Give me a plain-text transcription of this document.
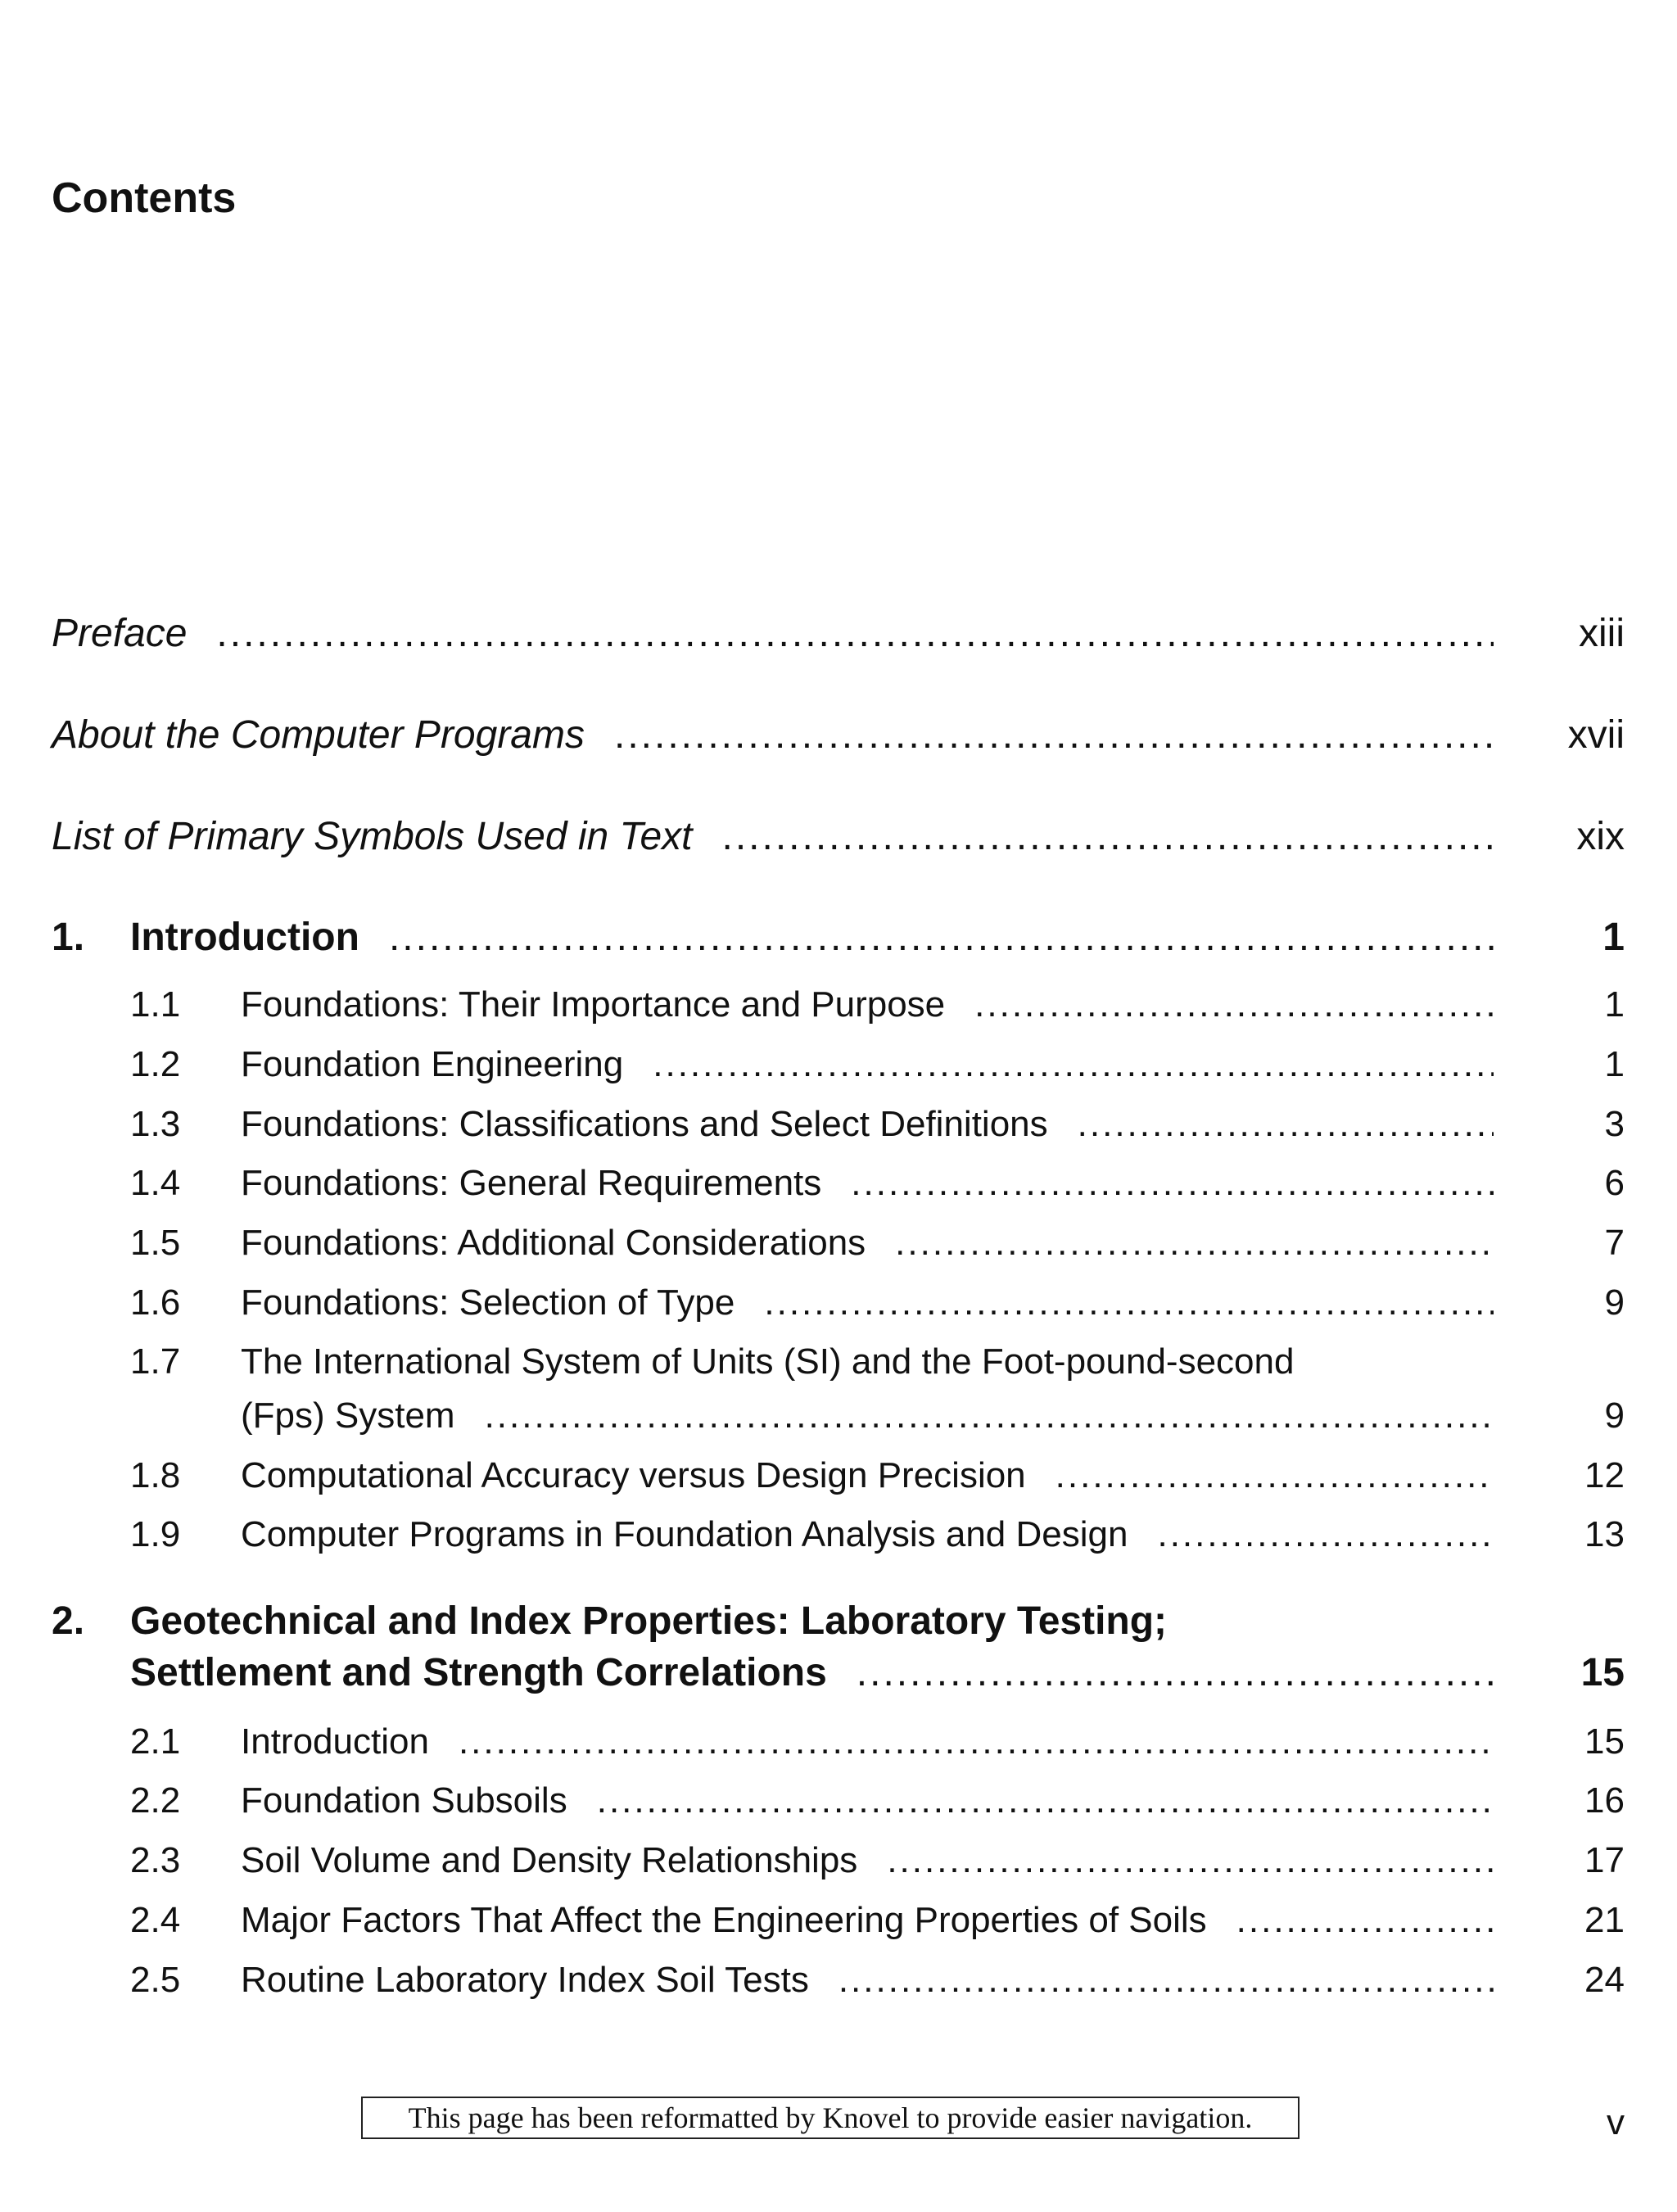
Contents
Preface .....	xiii
About the Computer Programs .....	xvii
List of Primary Symbols Used in Text .....	xix
1. Introduction .....	1
1.1 Foundations: Their Importance and Purpose .....	1
1.2 Foundation Engineering .....	1
1.3 Foundations: Classifications and Select Definitions .....	3
1.4 Foundations: General Requirements .....	6
1.5 Foundations: Additional Considerations .....	7
1.6 Foundations: Selection of Type .....	9
1.7 The International System of Units (SI) and the Foot-pound-second
(Fps) System .....	9
1.8 Computational Accuracy versus Design Precision .....	12
1.9 Computer Programs in Foundation Analysis and Design .....	13
2. Geotechnical and Index Properties: Laboratory Testing;
Settlement and Strength Correlations .....	15
2.1 Introduction .....	15
2.2 Foundation Subsoils .....	16
2.3 Soil Volume and Density Relationships .....	17
2.4 Major Factors That Affect the Engineering Properties of Soils .....	21
2.5 Routine Laboratory Index Soil Tests .....	24
This page has been reformatted by Knovel to provide easier navigation.	v
